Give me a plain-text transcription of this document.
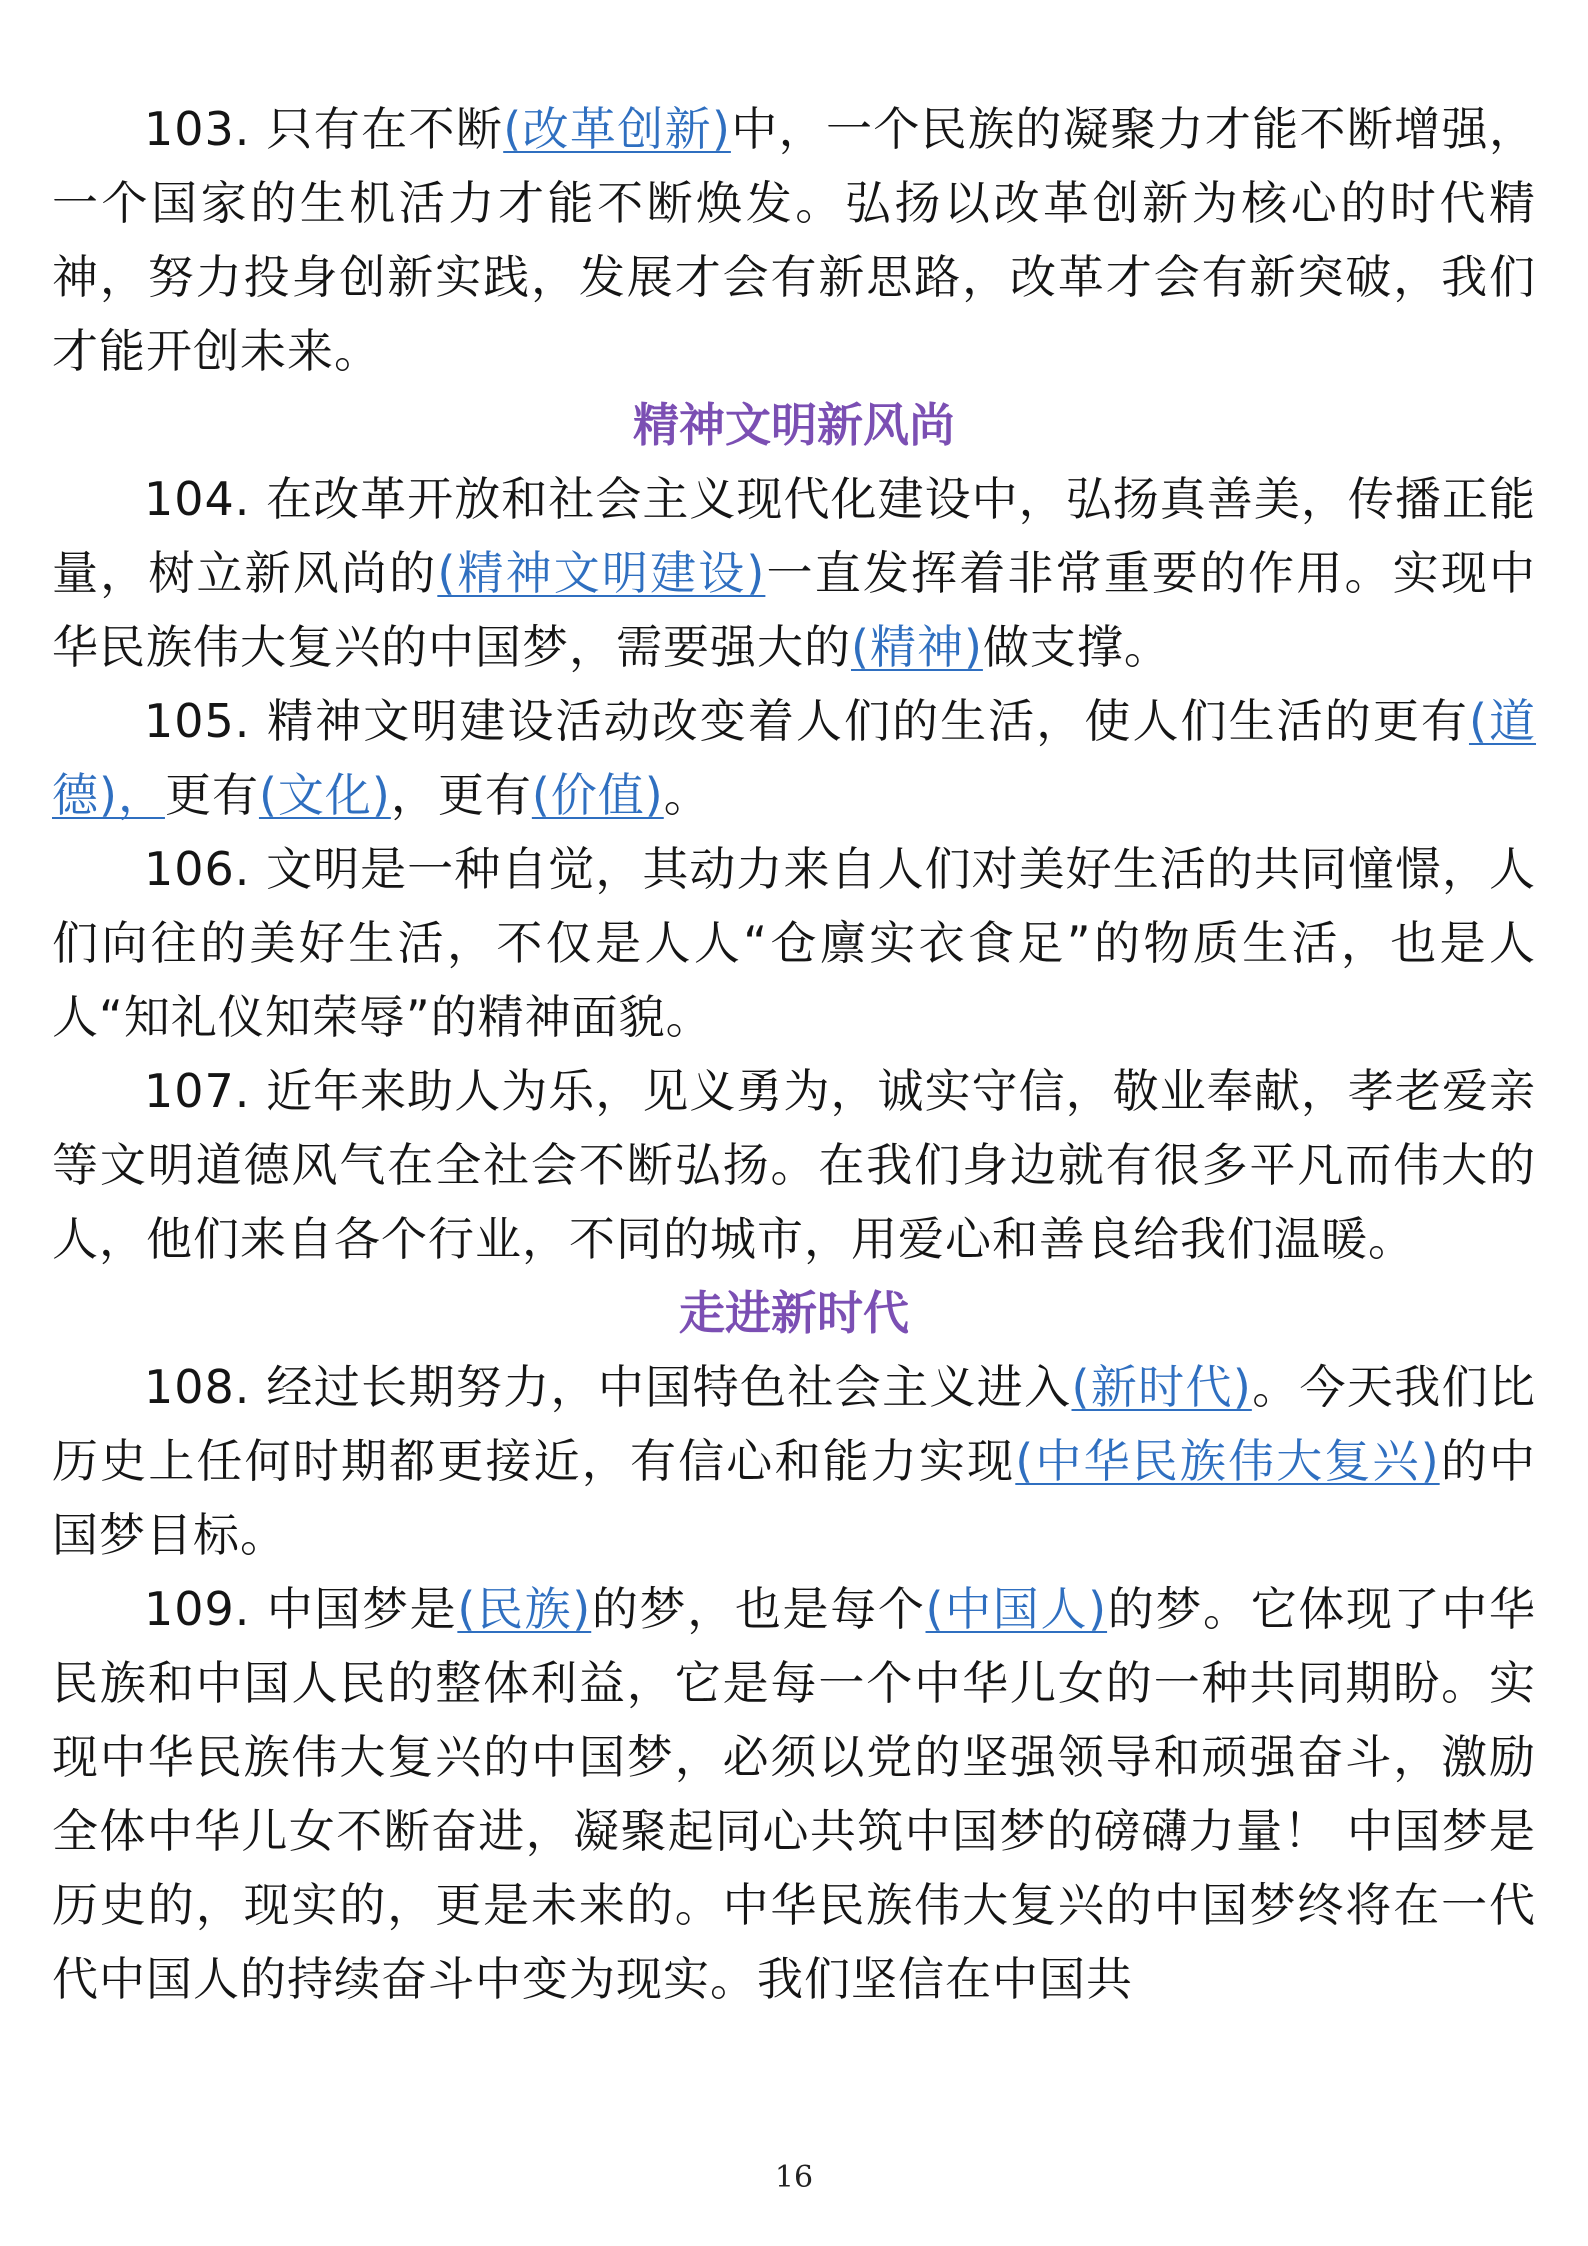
103. 只有在不断(改革创新)中，一个民族的凝聚力才能不断增强，一个国家的生机活力才能不断焕发。弘扬以改革创新为核心的时代精神，努力投身创新实践，发展才会有新思路，改革才会有新突破，我们才能开创未来。

精神文明新风尚

104. 在改革开放和社会主义现代化建设中，弘扬真善美，传播正能量，树立新风尚的(精神文明建设)一直发挥着非常重要的作用。实现中华民族伟大复兴的中国梦，需要强大的(精神)做支撑。

105. 精神文明建设活动改变着人们的生活，使人们生活的更有(道德)，更有(文化)，更有(价值)。

106. 文明是一种自觉，其动力来自人们对美好生活的共同憧憬，人们向往的美好生活，不仅是人人“仓廪实衣食足”的物质生活，也是人人“知礼仪知荣辱”的精神面貌。

107. 近年来助人为乐，见义勇为，诚实守信，敬业奉献，孝老爱亲等文明道德风气在全社会不断弘扬。在我们身边就有很多平凡而伟大的人，他们来自各个行业，不同的城市，用爱心和善良给我们温暖。

走进新时代

108. 经过长期努力，中国特色社会主义进入(新时代)。今天我们比历史上任何时期都更接近，有信心和能力实现(中华民族伟大复兴)的中国梦目标。

109. 中国梦是(民族)的梦，也是每个(中国人)的梦。它体现了中华民族和中国人民的整体利益，它是每一个中华儿女的一种共同期盼。实现中华民族伟大复兴的中国梦，必须以党的坚强领导和顽强奋斗，激励全体中华儿女不断奋进，凝聚起同心共筑中国梦的磅礴力量！ 中国梦是历史的，现实的，更是未来的。中华民族伟大复兴的中国梦终将在一代代中国人的持续奋斗中变为现实。我们坚信在中国共

16
